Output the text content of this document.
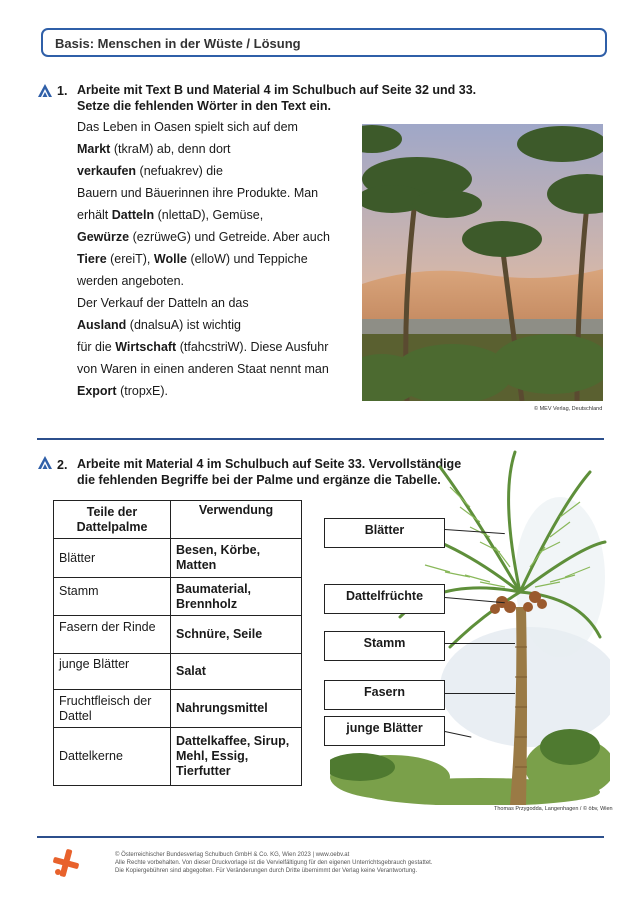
Basis: Menschen in der Wüste / Lösung
1. Arbeite mit Text B und Material 4 im Schulbuch auf Seite 32 und 33.
Setze die fehlenden Wörter in den Text ein.
Das Leben in Oasen spielt sich auf dem
Markt (tkraM) ab, denn dort
verkaufen (nefuakrev) die
Bauern und Bäuerinnen ihre Produkte. Man
erhält Datteln (nlettaD), Gemüse,
Gewürze (ezrüweG) und Getreide. Aber auch
Tiere (ereiT), Wolle (elloW) und Teppiche
werden angeboten.
Der Verkauf der Datteln an das
Ausland (dnalsuA) ist wichtig
für die Wirtschaft (tfahcstriW). Diese Ausfuhr
von Waren in einen anderen Staat nennt man
Export (tropxE).
© MEV Verlag, Deutschland
2. Arbeite mit Material 4 im Schulbuch auf Seite 33. Vervollständige
die fehlenden Begriffe bei der Palme und ergänze die Tabelle.
Teile der Dattelpalme	Verwendung
Blätter	Besen, Körbe, Matten
Stamm	Baumaterial, Brennholz
Fasern der Rinde	Schnüre, Seile
junge Blätter	Salat
Fruchtfleisch der Dattel	Nahrungsmittel
Dattelkerne	Dattelkaffee, Sirup, Mehl, Essig, Tierfutter
Blätter
Dattelfrüchte
Stamm
Fasern
junge Blätter
Thomas Przygodda, Langenhagen / © öbv, Wien
© Österreichischer Bundesverlag Schulbuch GmbH & Co. KG, Wien 2023 | www.oebv.at
Alle Rechte vorbehalten. Von dieser Druckvorlage ist die Vervielfältigung für den eigenen Unterrichtsgebrauch gestattet.
Die Kopiergebühren sind abgegolten. Für Veränderungen durch Dritte übernimmt der Verlag keine Verantwortung.
